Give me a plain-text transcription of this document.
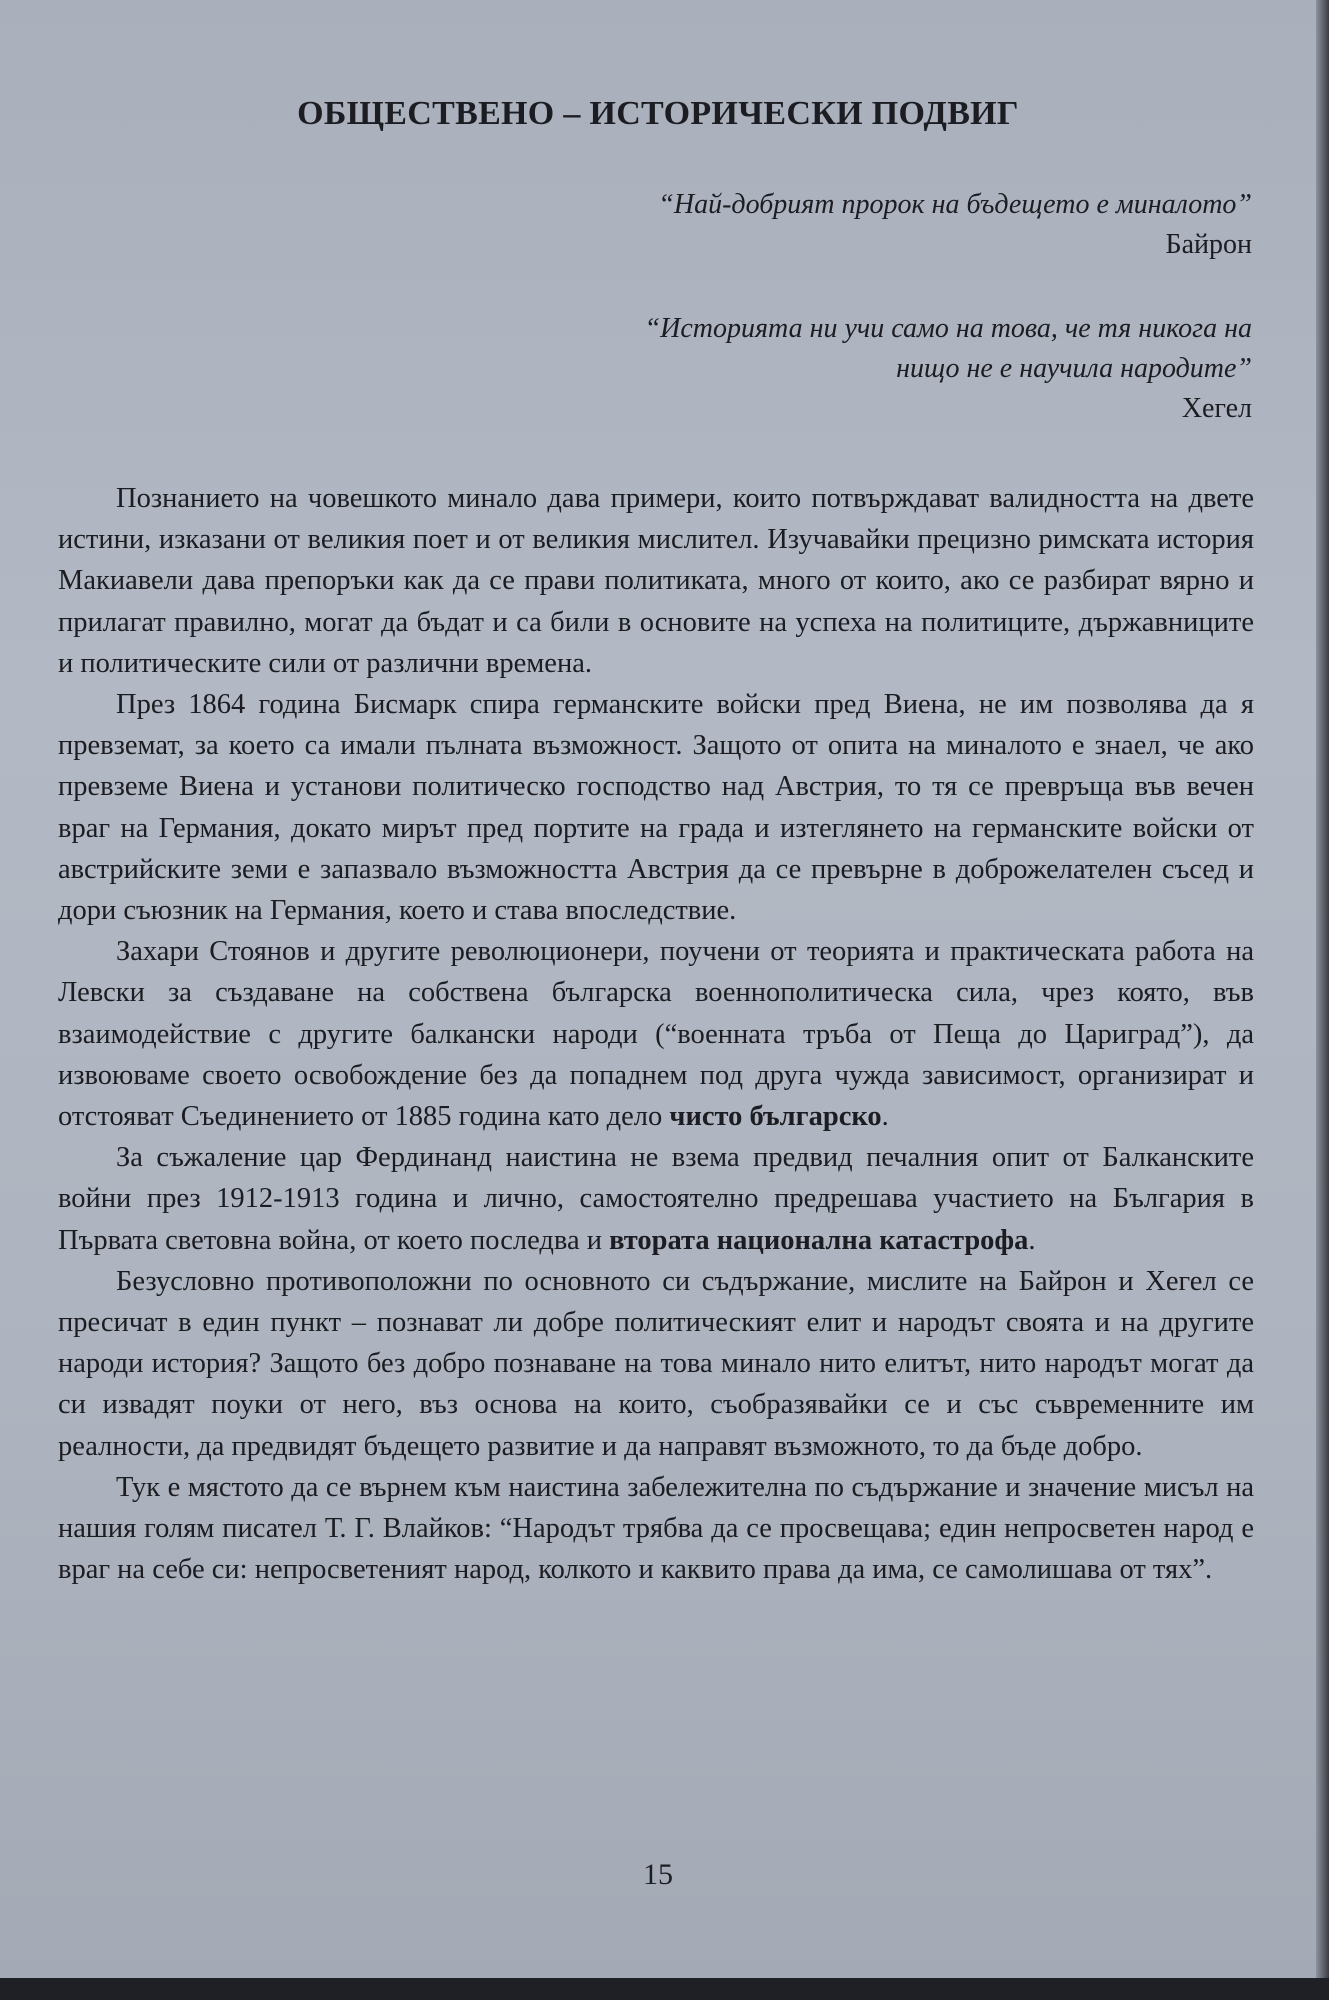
ОБЩЕСТВЕНО – ИСТОРИЧЕСКИ ПОДВИГ
“Най-добрият пророк на бъдещето е миналото”
Байрон
“Историята ни учи само на това, че тя никога на
нищо не е научила народите”
Хегел

Познанието на човешкото минало дава примери, които потвърждават валидността на двете истини, изказани от великия поет и от великия мислител. Изучавайки прецизно римската история Макиавели дава препоръки как да се прави политиката, много от които, ако се разбират вярно и прилагат правилно, могат да бъдат и са били в основите на успеха на политиците, държавниците и политическите сили от различни времена.

През 1864 година Бисмарк спира германските войски пред Виена, не им позволява да я превземат, за което са имали пълната възможност. Защото от опита на миналото е знаел, че ако превземе Виена и установи политическо господство над Австрия, то тя се превръща във вечен враг на Германия, докато мирът пред портите на града и изтеглянето на германските войски от австрийските земи е запазвало възможността Австрия да се превърне в доброжелателен съсед и дори съюзник на Германия, което и става впоследствие.

Захари Стоянов и другите революционери, поучени от теорията и практическата работа на Левски за създаване на собствена българска военнополитическа сила, чрез която, във взаимодействие с другите балкански народи (“военната тръба от Пеща до Цариград”), да извоюваме своето освобождение без да попаднем под друга чужда зависимост, организират и отстояват Съединението от 1885 година като дело чисто българско.

За съжаление цар Фердинанд наистина не взема предвид печалния опит от Балканските войни през 1912-1913 година и лично, самостоятелно предрешава участието на България в Първата световна война, от което последва и втората национална катастрофа.

Безусловно противоположни по основното си съдържание, мислите на Байрон и Хегел се пресичат в един пункт – познават ли добре политическият елит и народът своята и на другите народи история? Защото без добро познаване на това минало нито елитът, нито народът могат да си извадят поуки от него, въз основа на които, съобразявайки се и със съвременните им реалности, да предвидят бъдещето развитие и да направят възможното, то да бъде добро.

Тук е мястото да се върнем към наистина забележителна по съдържание и значение мисъл на нашия голям писател Т. Г. Влайков: “Народът трябва да се просвещава; един непросветен народ е враг на себе си: непросветеният народ, колкото и каквито права да има, се самолишава от тях”.

15
